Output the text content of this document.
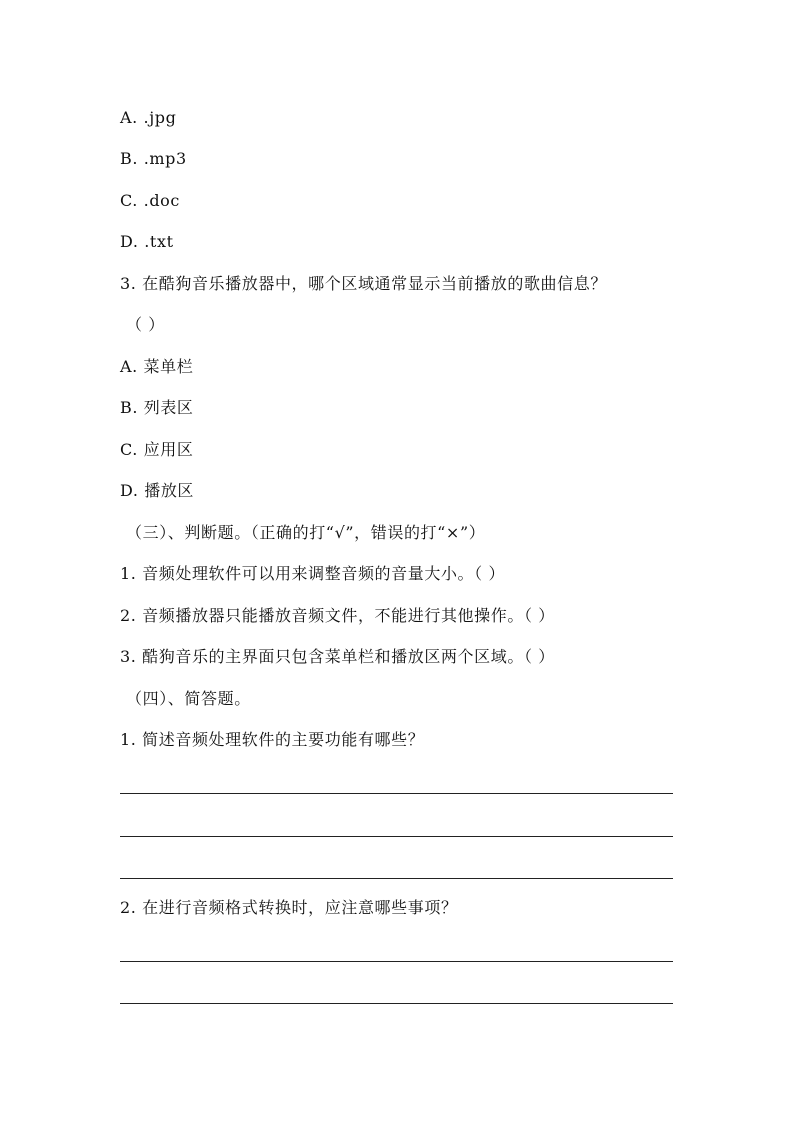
A. .jpg
B. .mp3
C. .doc
D. .txt
3. 在酷狗音乐播放器中，哪个区域通常显示当前播放的歌曲信息？
（ ）
A. 菜单栏
B. 列表区
C. 应用区
D. 播放区
（三）、判断题。（正确的打“√”，错误的打“×”）
1. 音频处理软件可以用来调整音频的音量大小。（ ）
2. 音频播放器只能播放音频文件，不能进行其他操作。（ ）
3. 酷狗音乐的主界面只包含菜单栏和播放区两个区域。（ ）
（四）、简答题。
1. 简述音频处理软件的主要功能有哪些？
2. 在进行音频格式转换时，应注意哪些事项？
